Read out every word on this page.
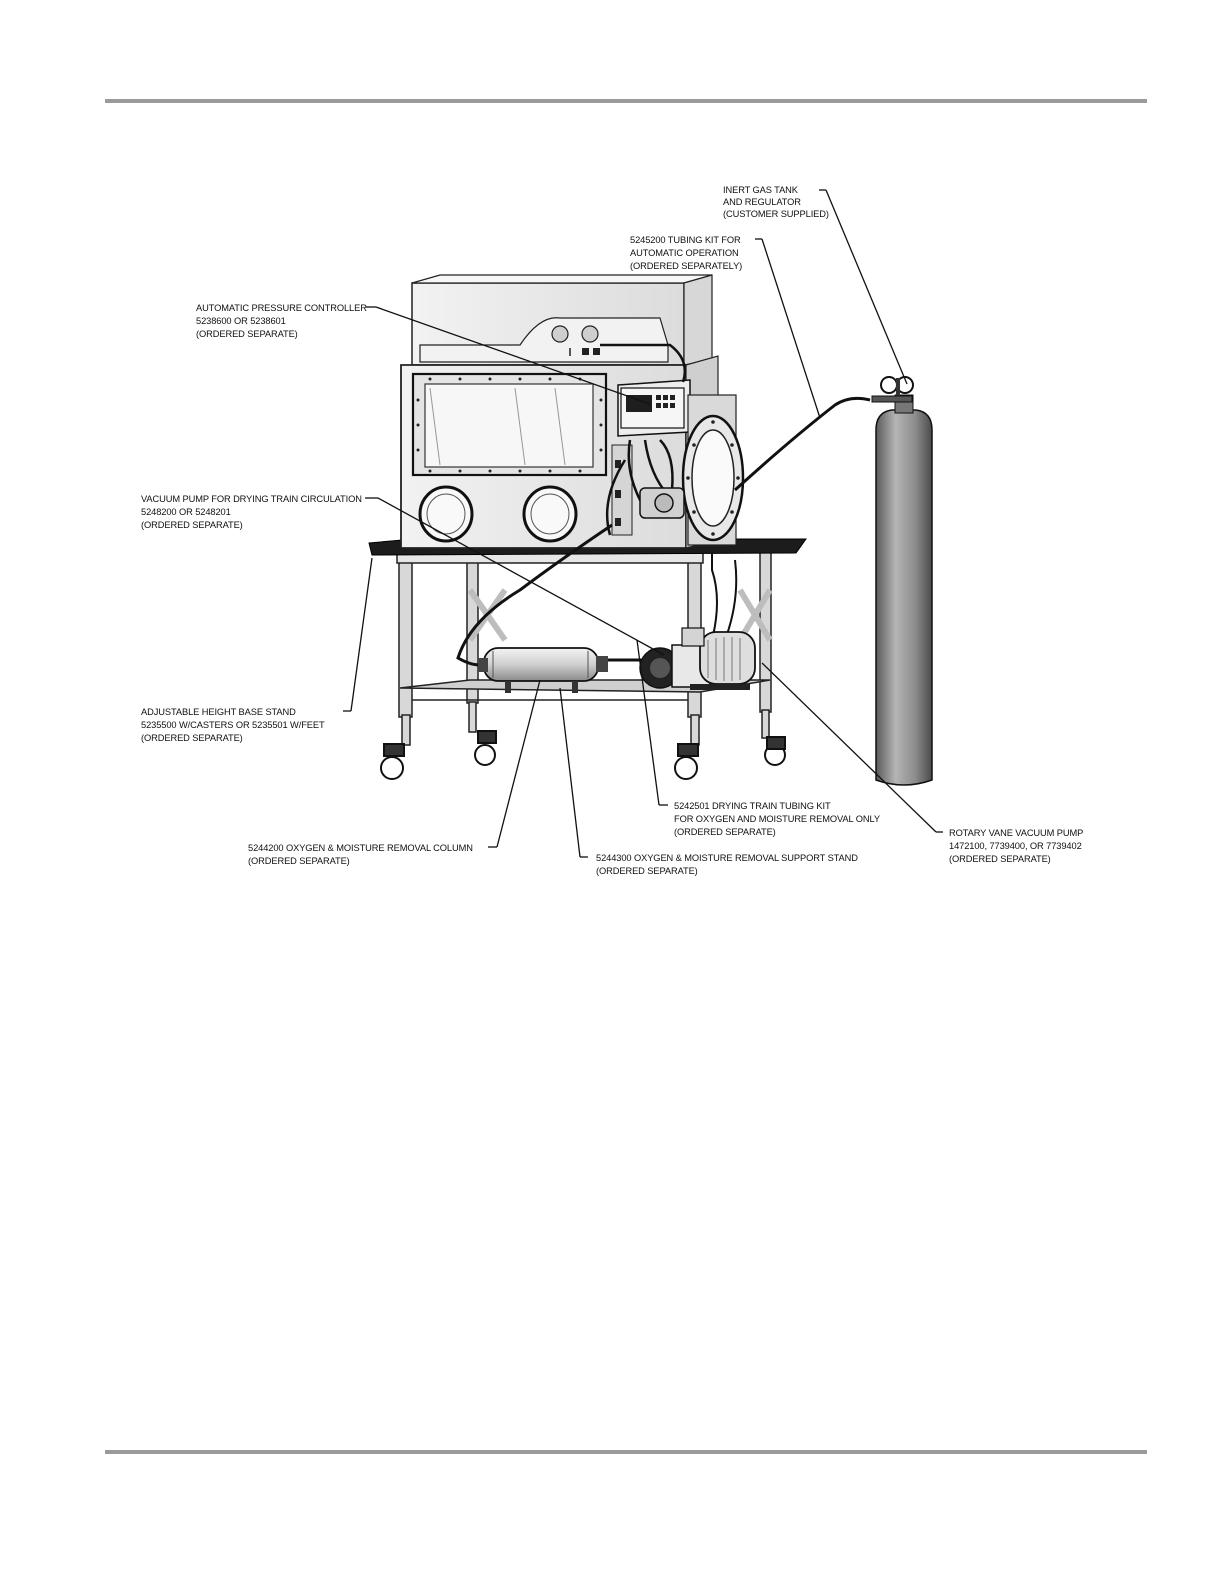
INERT GAS TANK
AND REGULATOR
(CUSTOMER SUPPLIED)
5245200 TUBING KIT FOR
AUTOMATIC OPERATION
(ORDERED SEPARATELY)
AUTOMATIC PRESSURE CONTROLLER
5238600 OR 5238601
(ORDERED SEPARATE)
VACUUM PUMP FOR DRYING TRAIN CIRCULATION
5248200 OR 5248201
(ORDERED SEPARATE)
ADJUSTABLE HEIGHT BASE STAND
5235500 W/CASTERS OR 5235501 W/FEET
(ORDERED SEPARATE)
5242501 DRYING TRAIN TUBING KIT
FOR OXYGEN AND MOISTURE REMOVAL ONLY
(ORDERED SEPARATE)	ROTARY VANE VACUUM PUMP
1472100, 7739400, OR 7739402
(ORDERED SEPARATE)
5244200 OXYGEN & MOISTURE REMOVAL COLUMN
(ORDERED SEPARATE)	5244300 OXYGEN & MOISTURE REMOVAL SUPPORT STAND
(ORDERED SEPARATE)
